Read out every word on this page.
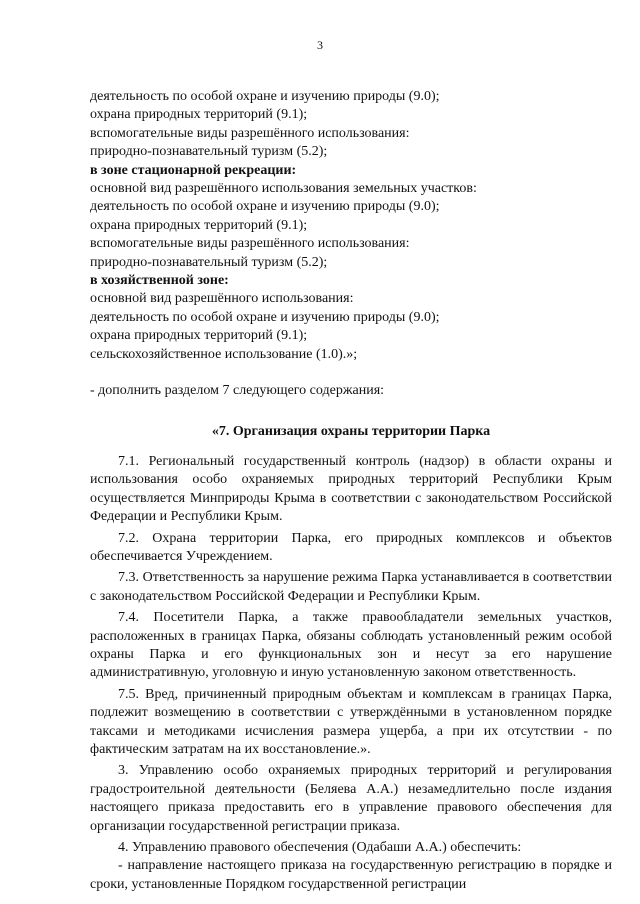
3
деятельность по особой охране и изучению природы (9.0);
охрана природных территорий (9.1);
вспомогательные виды разрешённого использования:
природно-познавательный туризм (5.2);
в зоне стационарной рекреации:
основной вид разрешённого использования земельных участков:
деятельность по особой охране и изучению природы (9.0);
охрана природных территорий (9.1);
вспомогательные виды разрешённого использования:
природно-познавательный туризм (5.2);
в хозяйственной зоне:
основной вид разрешённого использования:
деятельность по особой охране и изучению природы (9.0);
охрана природных территорий (9.1);
сельскохозяйственное использование (1.0).»;
- дополнить разделом 7 следующего содержания:
«7. Организация охраны территории Парка
7.1. Региональный государственный контроль (надзор) в области охраны и использования особо охраняемых природных территорий Республики Крым осуществляется Минприроды Крыма в соответствии с законодательством Российской Федерации и Республики Крым.
7.2. Охрана территории Парка, его природных комплексов и объектов обеспечивается Учреждением.
7.3. Ответственность за нарушение режима Парка устанавливается в соответствии с законодательством Российской Федерации и Республики Крым.
7.4. Посетители Парка, а также правообладатели земельных участков, расположенных в границах Парка, обязаны соблюдать установленный режим особой охраны Парка и его функциональных зон и несут за его нарушение административную, уголовную и иную установленную законом ответственность.
7.5. Вред, причиненный природным объектам и комплексам в границах Парка, подлежит возмещению в соответствии с утверждёнными в установленном порядке таксами и методиками исчисления размера ущерба, а при их отсутствии - по фактическим затратам на их восстановление.».
3. Управлению особо охраняемых природных территорий и регулирования градостроительной деятельности (Беляева А.А.) незамедлительно после издания настоящего приказа предоставить его в управление правового обеспечения для организации государственной регистрации приказа.
4. Управлению правового обеспечения (Одабаши А.А.) обеспечить:
- направление настоящего приказа на государственную регистрацию в порядке и сроки, установленные Порядком государственной регистрации
